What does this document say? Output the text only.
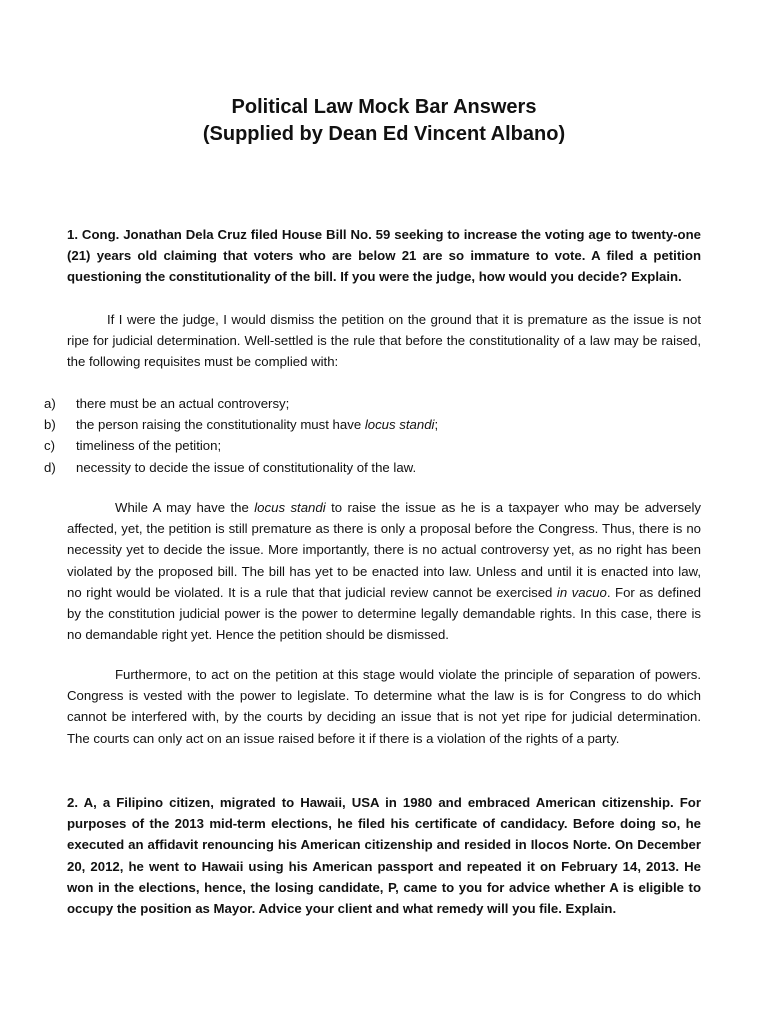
Political Law Mock Bar Answers
(Supplied by Dean Ed Vincent Albano)
1. Cong. Jonathan Dela Cruz filed House Bill No. 59 seeking to increase the voting age to twenty-one (21) years old claiming that voters who are below 21 are so immature to vote. A filed a petition questioning the constitutionality of the bill. If you were the judge, how would you decide? Explain.
If I were the judge, I would dismiss the petition on the ground that it is premature as the issue is not ripe for judicial determination. Well-settled is the rule that before the constitutionality of a law may be raised, the following requisites must be complied with:
a)	there must be an actual controversy;
b)	the person raising the constitutionality must have locus standi;
c)	timeliness of the petition;
d)	necessity to decide the issue of constitutionality of the law.
While A may have the locus standi to raise the issue as he is a taxpayer who may be adversely affected, yet, the petition is still premature as there is only a proposal before the Congress. Thus, there is no necessity yet to decide the issue. More importantly, there is no actual controversy yet, as no right has been violated by the proposed bill. The bill has yet to be enacted into law. Unless and until it is enacted into law, no right would be violated. It is a rule that that judicial review cannot be exercised in vacuo. For as defined by the constitution judicial power is the power to determine legally demandable rights. In this case, there is no demandable right yet. Hence the petition should be dismissed.
Furthermore, to act on the petition at this stage would violate the principle of separation of powers. Congress is vested with the power to legislate. To determine what the law is is for Congress to do which cannot be interfered with, by the courts by deciding an issue that is not yet ripe for judicial determination. The courts can only act on an issue raised before it if there is a violation of the rights of a party.
2. A, a Filipino citizen, migrated to Hawaii, USA in 1980 and embraced American citizenship. For purposes of the 2013 mid-term elections, he filed his certificate of candidacy. Before doing so, he executed an affidavit renouncing his American citizenship and resided in Ilocos Norte. On December 20, 2012, he went to Hawaii using his American passport and repeated it on February 14, 2013. He won in the elections, hence, the losing candidate, P, came to you for advice whether A is eligible to occupy the position as Mayor. Advice your client and what remedy will you file. Explain.
